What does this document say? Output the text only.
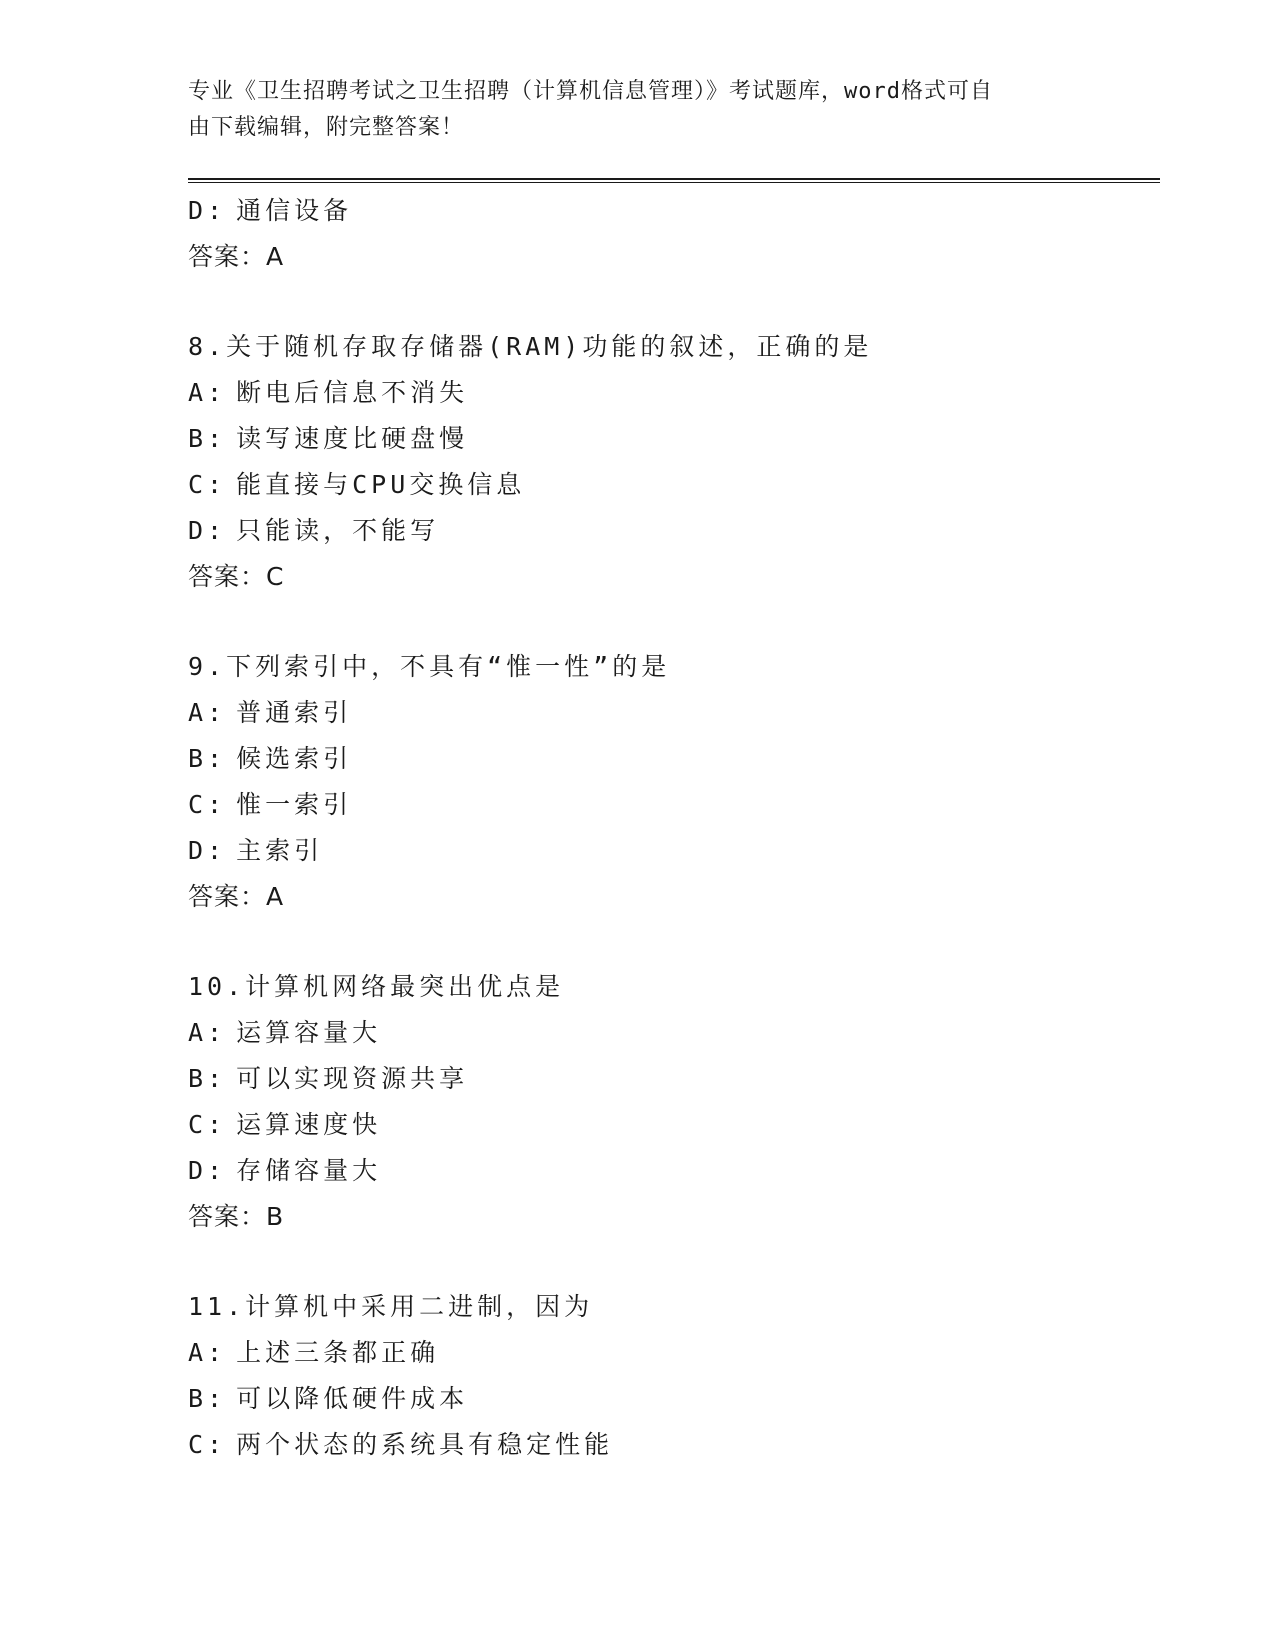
专业《卫生招聘考试之卫生招聘（计算机信息管理）》考试题库，word格式可自
由下载编辑，附完整答案！
D: 通信设备
答案：A
8.关于随机存取存储器(RAM)功能的叙述，正确的是
A: 断电后信息不消失
B: 读写速度比硬盘慢
C: 能直接与CPU交换信息
D: 只能读，不能写
答案：C
9.下列索引中，不具有“惟一性”的是
A: 普通索引
B: 候选索引
C: 惟一索引
D: 主索引
答案：A
10.计算机网络最突出优点是
A: 运算容量大
B: 可以实现资源共享
C: 运算速度快
D: 存储容量大
答案：B
11.计算机中采用二进制，因为
A: 上述三条都正确
B: 可以降低硬件成本
C: 两个状态的系统具有稳定性能
